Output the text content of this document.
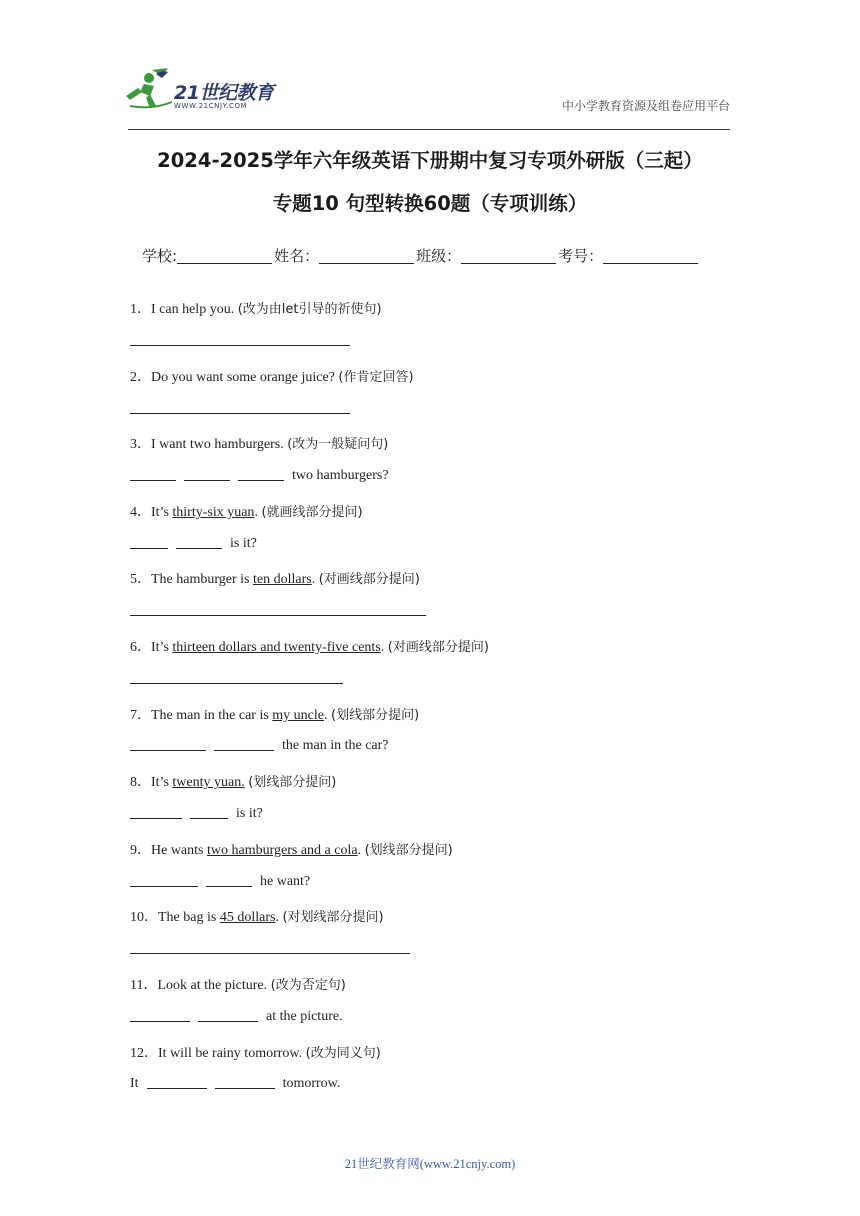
21世纪教育
WWW.21CNJY.COM	中小学教育资源及组卷应用平台
2024-2025学年六年级英语下册期中复习专项外研版（三起）
专题10 句型转换60题（专项训练）
学校:	姓名：	班级：	考号：
1．I can help you. (改为由let引导的祈使句)
2．Do you want some orange juice? (作肯定回答)
3．I want two hamburgers. (改为一般疑问句)
two hamburgers?
4．It’s thirty-six yuan. (就画线部分提问)
is it?
5．The hamburger is ten dollars. (对画线部分提问)
6．It’s thirteen dollars and twenty-five cents. (对画线部分提问)
7．The man in the car is my uncle. (划线部分提问)
the man in the car?
8．It’s twenty yuan. (划线部分提问)
is it?
9．He wants two hamburgers and a cola. (划线部分提问)
he want?
10．The bag is 45 dollars. (对划线部分提问)
11．Look at the picture. (改为否定句)
at the picture.
12．It will be rainy tomorrow. (改为同义句)
It	tomorrow.
21世纪教育网(www.21cnjy.com)
